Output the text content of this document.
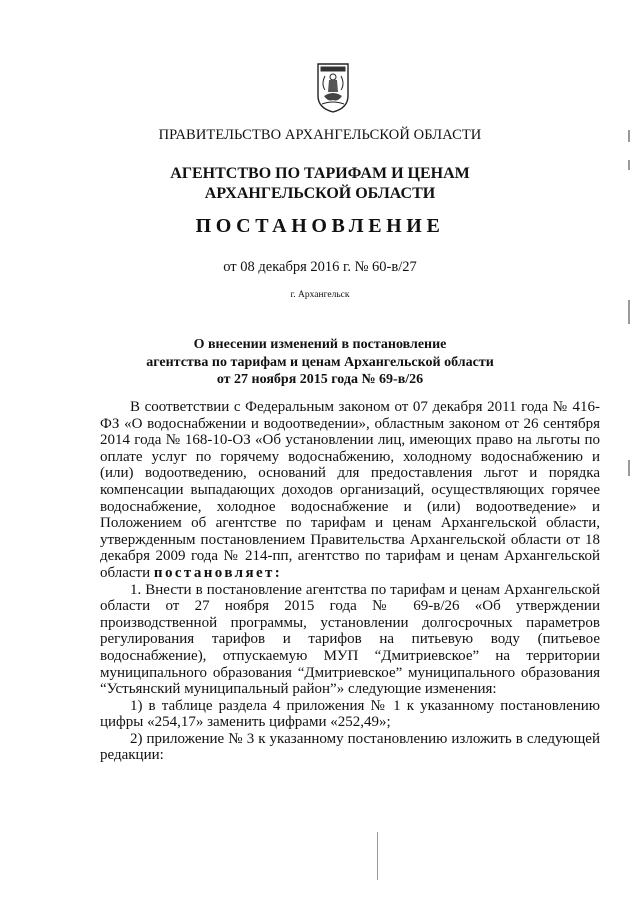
ПРАВИТЕЛЬСТВО АРХАНГЕЛЬСКОЙ ОБЛАСТИ
АГЕНТСТВО ПО ТАРИФАМ И ЦЕНАМ
АРХАНГЕЛЬСКОЙ ОБЛАСТИ
ПОСТАНОВЛЕНИЕ
от 08 декабря 2016 г. № 60-в/27
г. Архангельск
О внесении изменений в постановление
агентства по тарифам и ценам Архангельской области
от 27 ноября 2015 года № 69-в/26

В соответствии с Федеральным законом от 07 декабря 2011 года № 416-ФЗ «О водоснабжении и водоотведении», областным законом от 26 сентября 2014 года № 168-10-ОЗ «Об установлении лиц, имеющих право на льготы по оплате услуг по горячему водоснабжению, холодному водоснабжению и (или) водоотведению, оснований для предоставления льгот и порядка компенсации выпадающих доходов организаций, осуществляющих горячее водоснабжение, холодное водоснабжение и (или) водоотведение» и Положением об агентстве по тарифам и ценам Архангельской области, утвержденным постановлением Правительства Архангельской области от 18 декабря 2009 года № 214-пп, агентство по тарифам и ценам Архангельской области постановляет:

1. Внести в постановление агентства по тарифам и ценам Архангельской области от 27 ноября 2015 года № 69-в/26 «Об утверждении производственной программы, установлении долгосрочных параметров регулирования тарифов и тарифов на питьевую воду (питьевое водоснабжение), отпускаемую МУП “Дмитриевское” на территории муниципального образования “Дмитриевское” муниципального образования “Устьянский муниципальный район”» следующие изменения:

1) в таблице раздела 4 приложения № 1 к указанному постановлению цифры «254,17» заменить цифрами «252,49»;

2) приложение № 3 к указанному постановлению изложить в следующей редакции:
